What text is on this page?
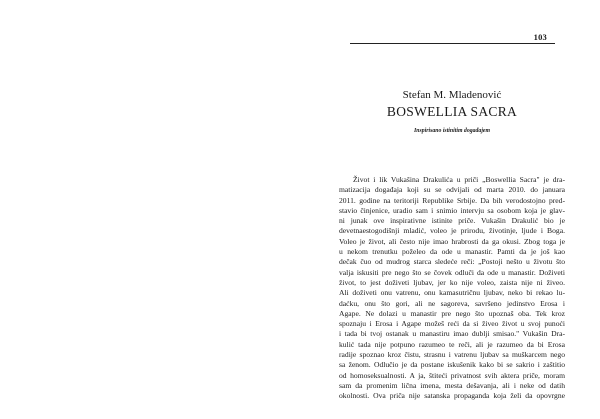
103
Stefan M. Mladenović
BOSWELLIA SACRA
Inspirisano istinitim događajem
Život i lik Vukašina Drakulića u priči „Boswellia Sacra" je dra-
matizacija događaja koji su se odvijali od marta 2010. do januara
2011. godine na teritoriji Republike Srbije. Da bih verodostojno pred-
stavio činjenice, uradio sam i snimio intervju sa osobom koja je glav-
ni junak ove inspirativne istinite priče. Vukašin Drakulić bio je
devetnaestogodišnji mladić, voleo je prirodu, životinje, ljude i Boga.
Voleo je život, ali često nije imao hrabrosti da ga okusi. Zbog toga je
u nekom trenutku poželeo da ode u manastir. Pamti da je još kao
dečak čuo od mudrog starca sledeće reči: „Postoji nešto u životu što
valja iskusiti pre nego što se čovek odluči da ode u manastir. Doživeti
život, to jest doživeti ljubav, jer ko nije voleo, zaista nije ni živeo.
Ali doživeti onu vatrenu, onu kamasutričnu ljubav, neko bi rekao lu-
daćku, onu što gori, ali ne sagoreva, savršeno jedinstvo Erosa i
Agape. Ne dolazi u manastir pre nego što upoznaš oba. Tek kroz
spoznaju i Erosa i Agape možeš reći da si živeo život u svoj punoći
i tada bi tvoj ostanak u manastiru imao dublji smisao." Vukašin Dra-
kulić tada nije potpuno razumeo te reči, ali je razumeo da bi Erosa
radije spoznao kroz čistu, strasnu i vatrenu ljubav sa muškarcem nego
sa ženom. Odlučio je da postane iskušenik kako bi se sakrio i zaštitio
od homoseksualnosti. A ja, štiteći privatnost svih aktera priče, moram
sam da promenim lična imena, mesta dešavanja, ali i neke od datih
okolnosti. Ova priča nije satanska propaganda koja želi da opovrgne
